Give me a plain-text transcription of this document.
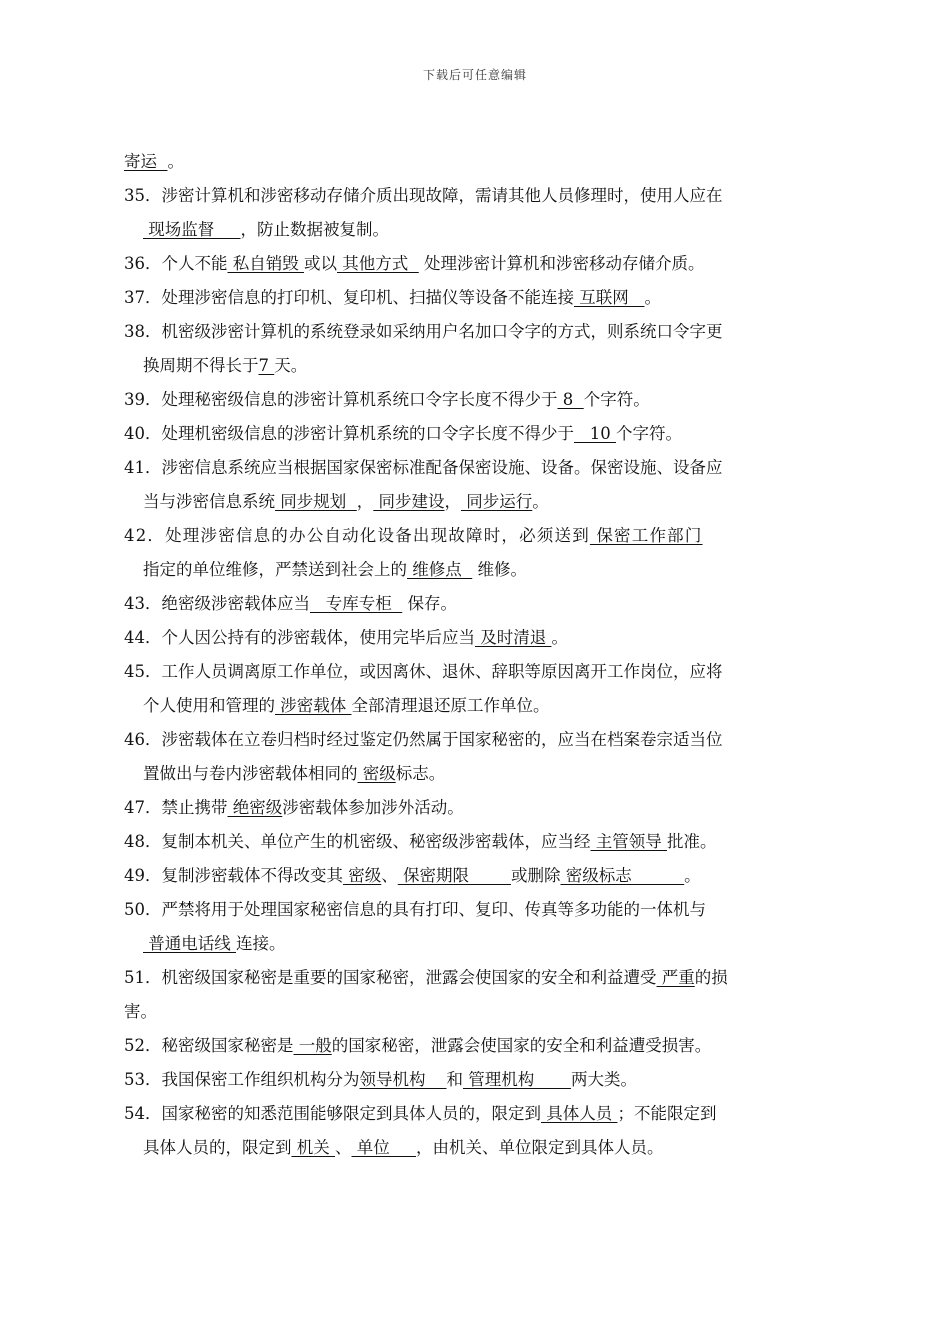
下载后可任意编辑
寄运  。
35．涉密计算机和涉密移动存储介质出现故障，需请其他人员修理时，使用人应在
现场监督     ，防止数据被复制。
36．个人不能 私自销毁 或以 其他方式   处理涉密计算机和涉密移动存储介质。
37．处理涉密信息的打印机、复印机、扫描仪等设备不能连接 互联网   。
38．机密级涉密计算机的系统登录如采纳用户名加口令字的方式，则系统口令字更
换周期不得长于7 天。
39．处理秘密级信息的涉密计算机系统口令字长度不得少于 8  个字符。
40．处理机密级信息的涉密计算机系统的口令字长度不得少于   10 个字符。
41．涉密信息系统应当根据国家保密标准配备保密设施、设备。保密设施、设备应
当与涉密信息系统 同步规划  ， 同步建设， 同步运行。
42．处理涉密信息的办公自动化设备出现故障时，必须送到 保密工作部门
指定的单位维修，严禁送到社会上的 维修点   维修。
43．绝密级涉密载体应当   专库专柜   保存。
44．个人因公持有的涉密载体，使用完毕后应当 及时清退 。
45．工作人员调离原工作单位，或因离休、退休、辞职等原因离开工作岗位，应将
个人使用和管理的 涉密载体 全部清理退还原工作单位。
46．涉密载体在立卷归档时经过鉴定仍然属于国家秘密的，应当在档案卷宗适当位
置做出与卷内涉密载体相同的 密级标志。
47．禁止携带 绝密级涉密载体参加涉外活动。
48．复制本机关、单位产生的机密级、秘密级涉密载体，应当经 主管领导 批准。
49．复制涉密载体不得改变其 密级、 保密期限        或删除 密级标志          。
50．严禁将用于处理国家秘密信息的具有打印、复印、传真等多功能的一体机与
普通电话线 连接。
51．机密级国家秘密是重要的国家秘密，泄露会使国家的安全和利益遭受 严重的损
害。
52．秘密级国家秘密是 一般的国家秘密，泄露会使国家的安全和利益遭受损害。
53．我国保密工作组织机构分为领导机构    和 管理机构       两大类。
54．国家秘密的知悉范围能够限定到具体人员的，限定到 具体人员 ；不能限定到
具体人员的，限定到 机关 、 单位     ，由机关、单位限定到具体人员。
